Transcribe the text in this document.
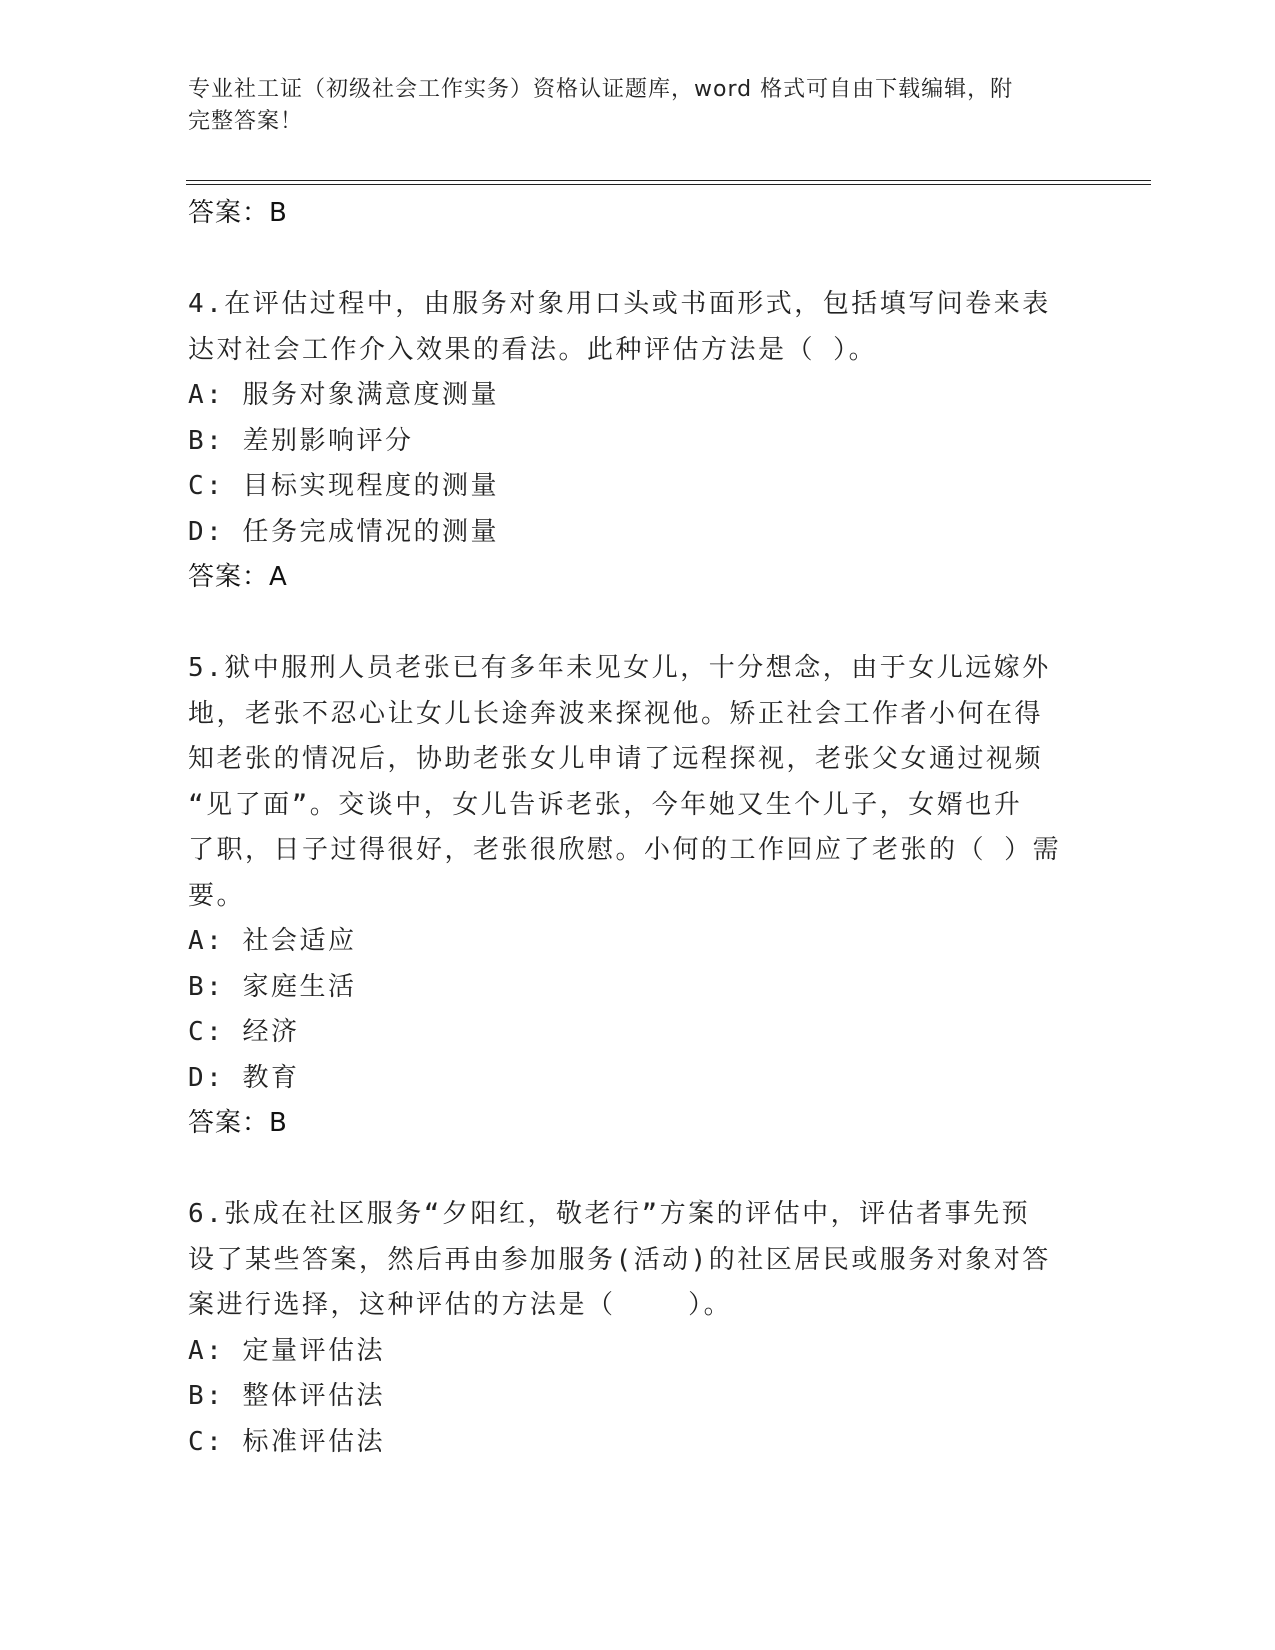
专业社工证（初级社会工作实务）资格认证题库，word 格式可自由下载编辑，附
完整答案！
答案：B
4.在评估过程中，由服务对象用口头或书面形式，包括填写问卷来表
达对社会工作介入效果的看法。此种评估方法是（ ）。
A: 服务对象满意度测量
B: 差别影响评分
C: 目标实现程度的测量
D: 任务完成情况的测量
答案：A
5.狱中服刑人员老张已有多年未见女儿，十分想念，由于女儿远嫁外
地，老张不忍心让女儿长途奔波来探视他。矫正社会工作者小何在得
知老张的情况后，协助老张女儿申请了远程探视，老张父女通过视频
“见了面”。交谈中，女儿告诉老张，今年她又生个儿子，女婿也升
了职，日子过得很好，老张很欣慰。小何的工作回应了老张的（ ）需
要。
A: 社会适应
B: 家庭生活
C: 经济
D: 教育
答案：B
6.张成在社区服务“夕阳红，敬老行”方案的评估中，评估者事先预
设了某些答案，然后再由参加服务(活动)的社区居民或服务对象对答
案进行选择，这种评估的方法是（    ）。
A: 定量评估法
B: 整体评估法
C: 标准评估法
